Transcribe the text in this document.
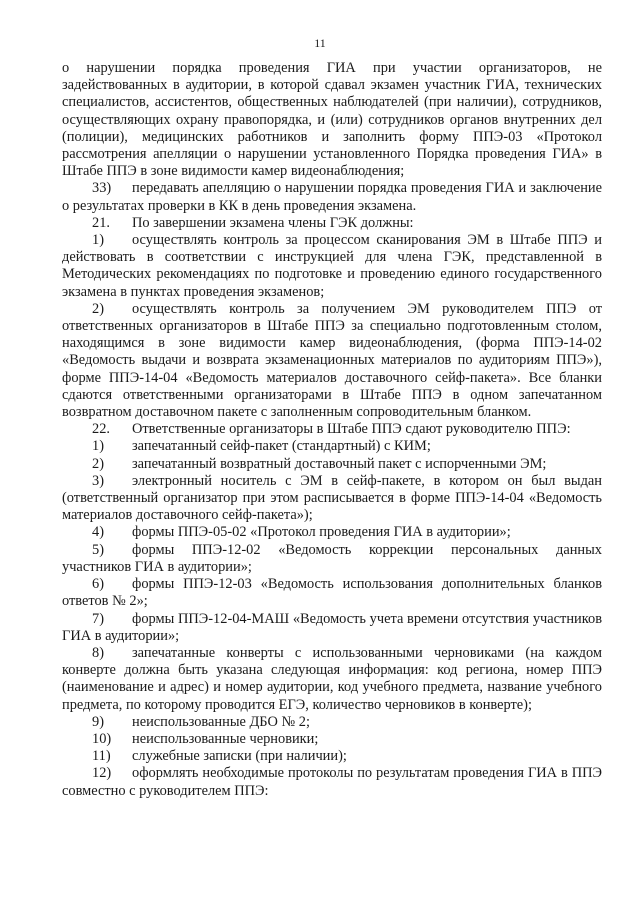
11

о нарушении порядка проведения ГИА при участии организаторов, не задействованных в аудитории, в которой сдавал экзамен участник ГИА, технических специалистов, ассистентов, общественных наблюдателей (при наличии), сотрудников, осуществляющих охрану правопорядка, и (или) сотрудников органов внутренних дел (полиции), медицинских работников и заполнить форму ППЭ-03 «Протокол рассмотрения апелляции о нарушении установленного Порядка проведения ГИА» в Штабе ППЭ в зоне видимости камер видеонаблюдения;

33) передавать апелляцию о нарушении порядка проведения ГИА и заключение о результатах проверки в КК в день проведения экзамена.

21. По завершении экзамена члены ГЭК должны:

1) осуществлять контроль за процессом сканирования ЭМ в Штабе ППЭ и действовать в соответствии с инструкцией для члена ГЭК, представленной в Методических рекомендациях по подготовке и проведению единого государственного экзамена в пунктах проведения экзаменов;

2) осуществлять контроль за получением ЭМ руководителем ППЭ от ответственных организаторов в Штабе ППЭ за специально подготовленным столом, находящимся в зоне видимости камер видеонаблюдения, (форма ППЭ-14-02 «Ведомость выдачи и возврата экзаменационных материалов по аудиториям ППЭ»), форме ППЭ-14-04 «Ведомость материалов доставочного сейф-пакета». Все бланки сдаются ответственными организаторами в Штабе ППЭ в одном запечатанном возвратном доставочном пакете с заполненным сопроводительным бланком.

22. Ответственные организаторы в Штабе ППЭ сдают руководителю ППЭ:

1) запечатанный сейф-пакет (стандартный) с КИМ;

2) запечатанный возвратный доставочный пакет с испорченными ЭМ;

3) электронный носитель с ЭМ в сейф-пакете, в котором он был выдан (ответственный организатор при этом расписывается в форме ППЭ-14-04 «Ведомость материалов доставочного сейф-пакета»);

4) формы ППЭ-05-02 «Протокол проведения ГИА в аудитории»;

5) формы ППЭ-12-02 «Ведомость коррекции персональных данных участников ГИА в аудитории»;

6) формы ППЭ-12-03 «Ведомость использования дополнительных бланков ответов № 2»;

7) формы ППЭ-12-04-МАШ «Ведомость учета времени отсутствия участников ГИА в аудитории»;

8) запечатанные конверты с использованными черновиками (на каждом конверте должна быть указана следующая информация: код региона, номер ППЭ (наименование и адрес) и номер аудитории, код учебного предмета, название учебного предмета, по которому проводится ЕГЭ, количество черновиков в конверте);

9) неиспользованные ДБО № 2;

10) неиспользованные черновики;

11) служебные записки (при наличии);

12) оформлять необходимые протоколы по результатам проведения ГИА в ППЭ совместно с руководителем ППЭ:
